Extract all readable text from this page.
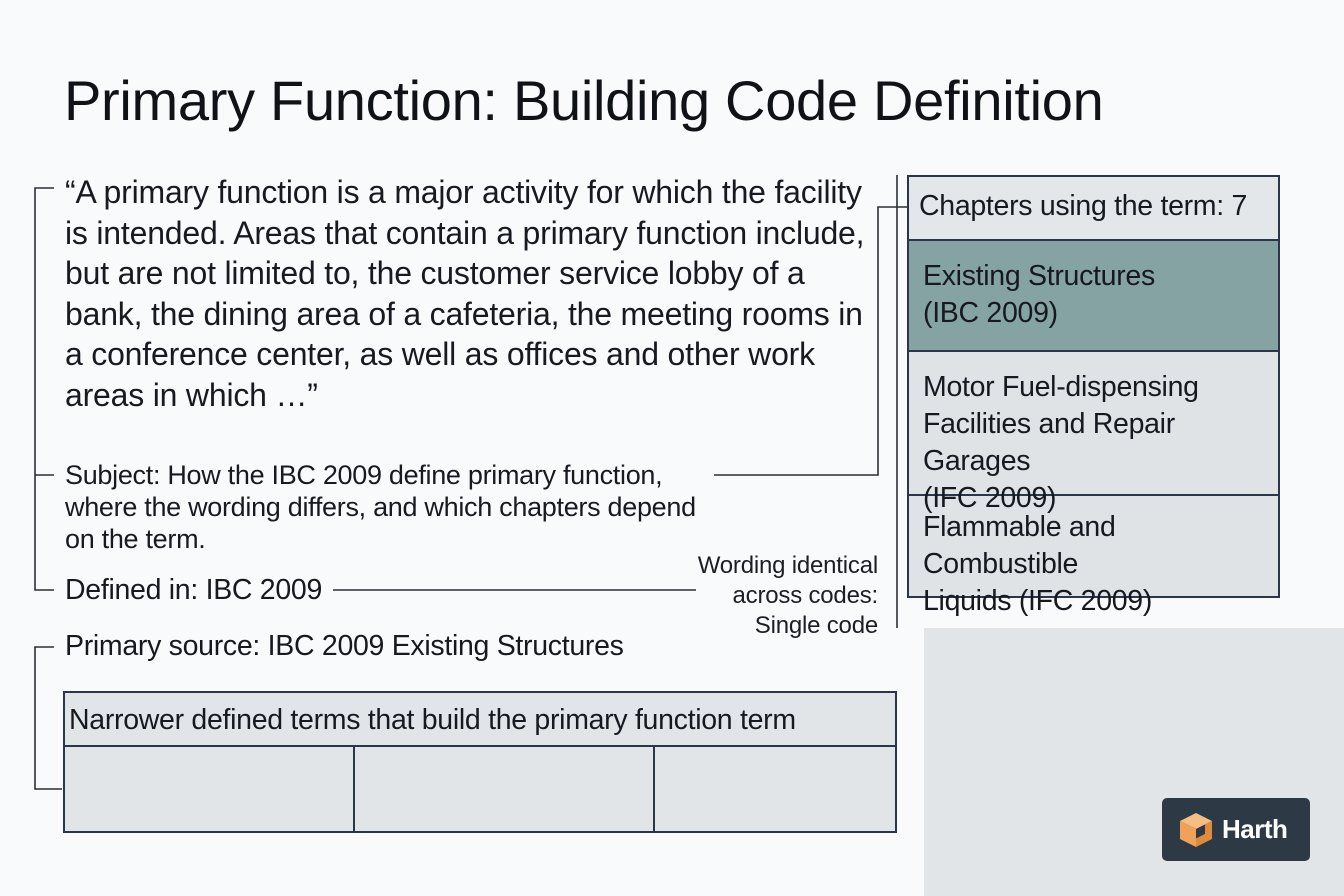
Primary Function: Building Code Definition
“A primary function is a major activity for which the facility is intended. Areas that contain a primary function include, but are not limited to, the customer service lobby of a bank, the dining area of a cafeteria, the meeting rooms in a conference center, as well as offices and other work areas in which …”
Subject: How the IBC 2009 define primary function, where the wording differs, and which chapters depend on the term.
Defined in: IBC 2009
Wording identical
across codes:
Single code
Primary source: IBC 2009 Existing Structures
Chapters using the term: 7
Existing Structures
(IBC 2009)
Motor Fuel-dispensing
Facilities and Repair Garages
(IFC 2009)
Flammable and Combustible
Liquids (IFC 2009)
Narrower defined terms that build the primary function term
Harth
